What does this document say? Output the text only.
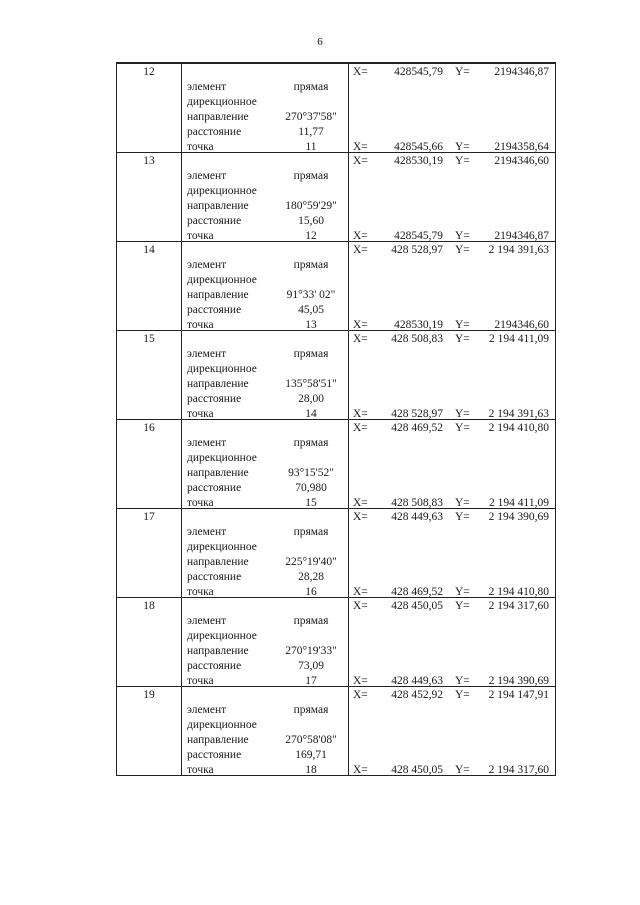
6
12
элемент	прямая
дирекционное
направление	270°37'58"
расстояние	11,77
точка	11
X=	428545,79 Y=	2194346,87
X=	428545,66 Y=	2194358,64
13
элемент	прямая
дирекционное
направление	180°59'29"
расстояние	15,60
точка	12
X=	428530,19 Y=	2194346,60
X=	428545,79 Y=	2194346,87
14
элемент	прямая
дирекционное
направление	91°33' 02"
расстояние	45,05
точка	13
X=	428 528,97 Y=	2 194 391,63
X=	428530,19 Y=	2194346,60
15
элемент	прямая
дирекционное
направление	135°58'51"
расстояние	28,00
точка	14
X=	428 508,83 Y=	2 194 411,09
X=	428 528,97 Y=	2 194 391,63
16
элемент	прямая
дирекционное
направление	93°15'52"
расстояние	70,980
точка	15
X=	428 469,52 Y=	2 194 410,80
X=	428 508,83 Y=	2 194 411,09
17
элемент	прямая
дирекционное
направление	225°19'40"
расстояние	28,28
точка	16
X=	428 449,63 Y=	2 194 390,69
X=	428 469,52 Y=	2 194 410,80
18
элемент	прямая
дирекционное
направление	270°19'33"
расстояние	73,09
точка	17
X=	428 450,05 Y=	2 194 317,60
X=	428 449,63 Y=	2 194 390,69
19
элемент	прямая
дирекционное
направление	270°58'08"
расстояние	169,71
точка	18
X=	428 452,92 Y=	2 194 147,91
X=	428 450,05 Y=	2 194 317,60
